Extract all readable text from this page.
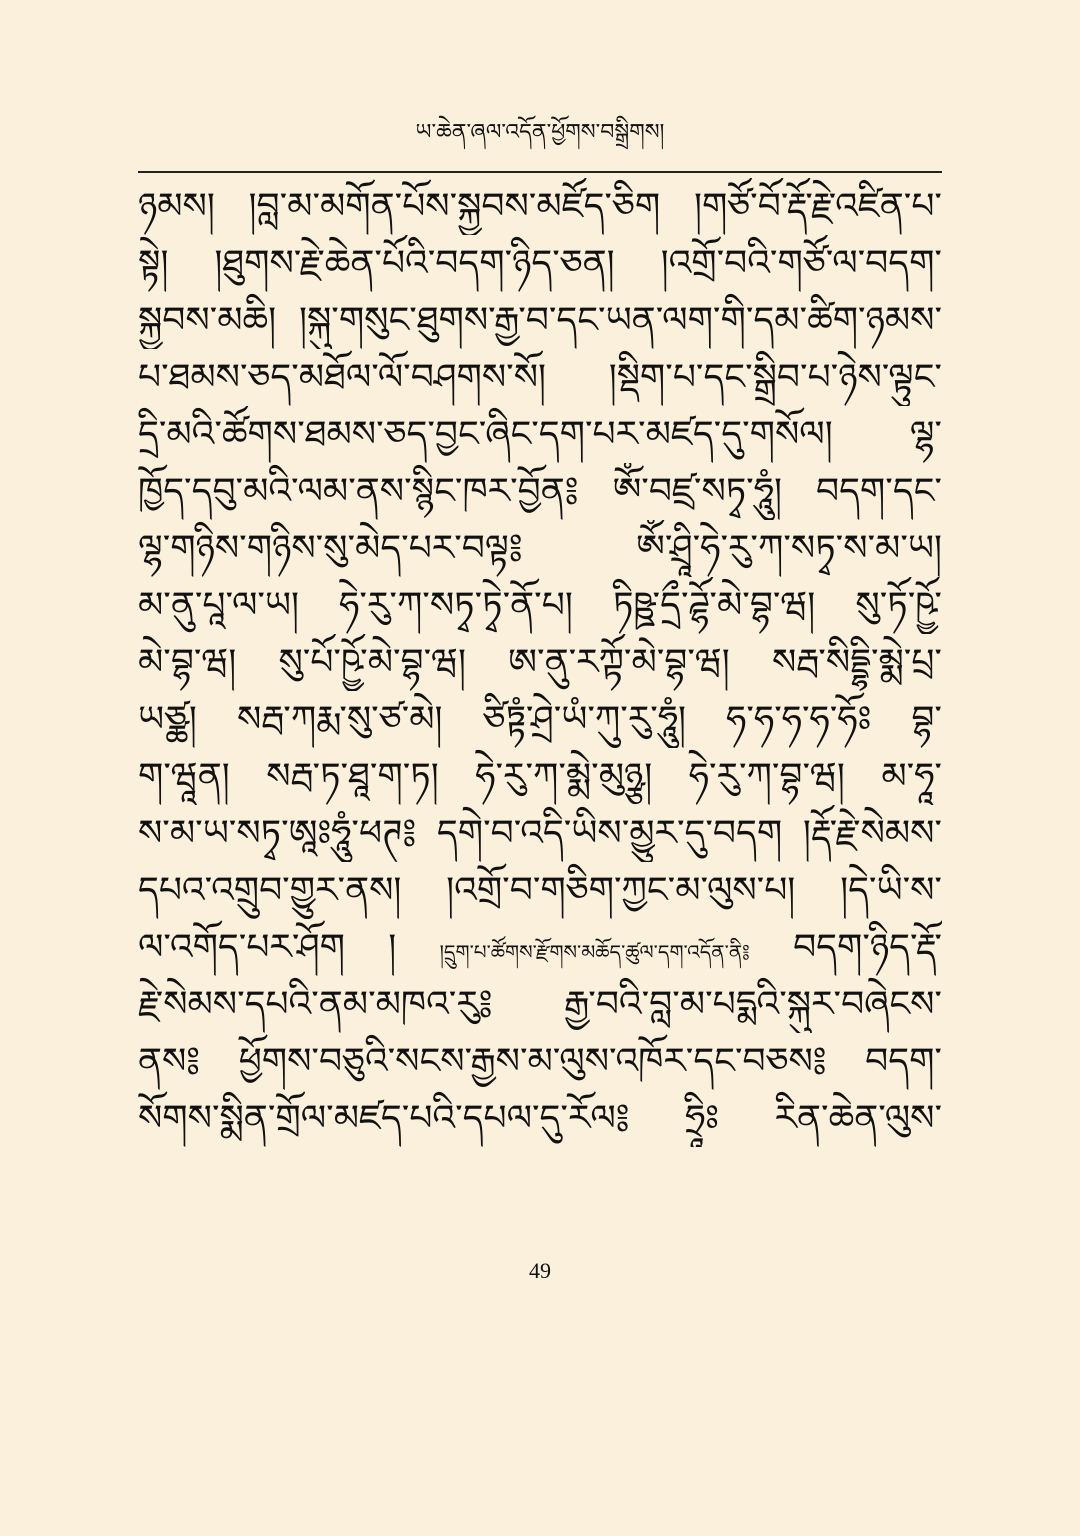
ཡ་ཆེན་ཞལ་འདོན་ཕྱོགས་བསྒྲིགས།
ཉམས། །བླ་མ་མགོན་པོས་སྐྱབས་མཛོད་ཅིག །གཙོ་བོ་རྡོ་རྗེ་འཛིན་པ་
སྟེ། །ཐུགས་རྗེ་ཆེན་པོའི་བདག་ཉིད་ཅན། །འགྲོ་བའི་གཙོ་ལ་བདག་
སྐྱབས་མཆི། །སྐུ་གསུང་ཐུགས་རྒྱ་བ་དང་ཡན་ལག་གི་དམ་ཚིག་ཉམས་
པ་ཐམས་ཅད་མཐོལ་ལོ་བཤགས་སོ། །སྡིག་པ་དང་སྒྲིབ་པ་ཉེས་ལྟུང་
དྲི་མའི་ཚོགས་ཐམས་ཅད་བྱང་ཞིང་དག་པར་མཛད་དུ་གསོལ། ལྷ་
ཁྱོད་དབུ་མའི་ལམ་ནས་སྙིང་ཁར་བྱོན༔ ཨོཾ་བཛྲ་སཏྭ་ཧཱུཾ། བདག་དང་
ལྷ་གཉིས་གཉིས་སུ་མེད་པར་བལྟ༔ ཨོཾ་ཤྲཱི་ཧེ་རུ་ཀ་སཏྭ་ས་མ་ཡ།
མ་ནུ་པཱ་ལ་ཡ། ཧེ་རུ་ཀ་སཏྭ་ཏྭེ་ནོ་པ། ཏིཥྛ་དྲྀ་ཌྷོ་མེ་བྷ་ཝ། སུ་ཏོ་ཥྱོ་
མེ་བྷ་ཝ། སུ་པོ་ཥྱོ་མེ་བྷ་ཝ། ཨ་ནུ་རཀྟོ་མེ་བྷ་ཝ། སརྦ་སིདྡྷི་མྨེ་པྲ་
ཡཙྪ། སརྦ་ཀརྨ་སུ་ཙ་མེ། ཙིཏྟཾ་ཤྲེ་ཡཾ་ཀུ་རུ་ཧཱུཾ། ཧ་ཧ་ཧ་ཧ་ཧོཿ བྷ་
ག་ཝཱན། སརྦ་ཏ་ཐཱ་ག་ཏ། ཧེ་རུ་ཀ་མྨེ་མུཉྩ། ཧེ་རུ་ཀ་བྷ་ཝ། མ་ཧཱ་
ས་མ་ཡ་སཏྭ་ཨཱཿཧཱུཾ་ཕཊ༔ དགེ་བ་འདི་ཡིས་མྱུར་དུ་བདག །རྡོ་རྗེ་སེམས་
དཔའ་འགྲུབ་གྱུར་ནས། །འགྲོ་བ་གཅིག་ཀྱང་མ་ལུས་པ། །དེ་ཡི་ས་
ལ་འགོད་པར་ཤོག ། །དྲུག་པ་ཚོགས་རྫོགས་མཆོད་ཚུལ་དག་འདོན་ནི༔ བདག་ཉིད་རྡོ་
རྗེ་སེམས་དཔའི་ནམ་མཁའ་རུ༔ རྒྱ་བའི་བླ་མ་པདྨའི་སྐུར་བཞེངས་
ནས༔ ཕྱོགས་བཅུའི་སངས་རྒྱས་མ་ལུས་འཁོར་དང་བཅས༔ བདག་
སོགས་སྨིན་གྲོལ་མཛད་པའི་དཔལ་དུ་རོལ༔ ཧྲཱིཿ རིན་ཆེན་ལུས་
49
